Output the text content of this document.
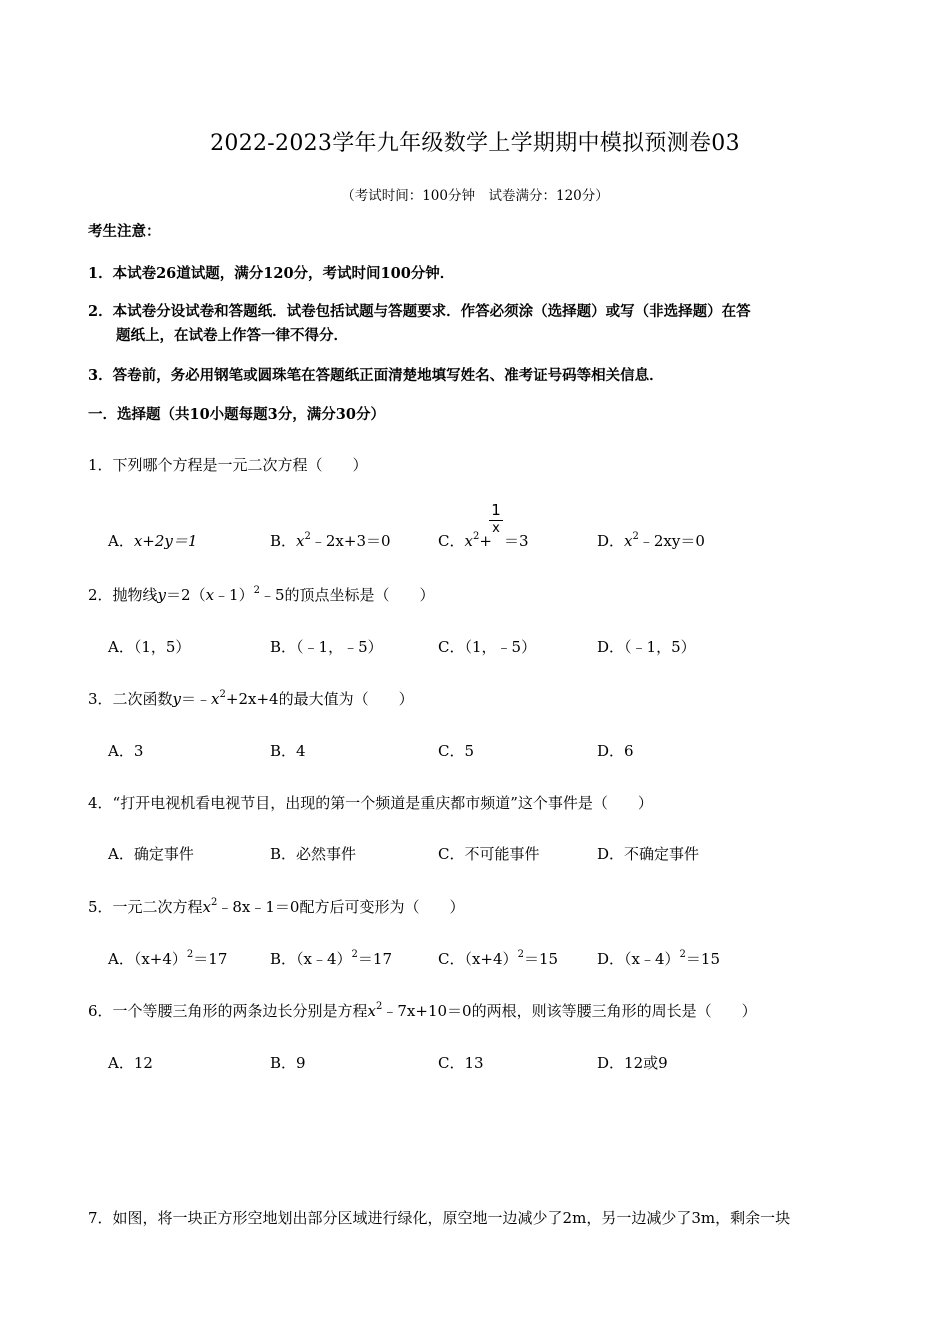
2022-2023学年九年级数学上学期期中模拟预测卷03
（考试时间：100分钟　试卷满分：120分）
考生注意：
1．本试卷26道试题，满分120分，考试时间100分钟．
2．本试卷分设试卷和答题纸．试卷包括试题与答题要求．作答必须涂（选择题）或写（非选择题）在答
题纸上，在试卷上作答一律不得分．
3．答卷前，务必用钢笔或圆珠笔在答题纸正面清楚地填写姓名、准考证号码等相关信息．
一．选择题（共10小题每题3分，满分30分）
1．下列哪个方程是一元二次方程（　　）
A．x+2y＝1	B．$x^2﹣2x+3=0$	C．$x^2+$
$\frac{1}{x}$
＝3	D．$x^2﹣2xy=0$
2．抛物线y＝2（x﹣1）$^2$﹣5的顶点坐标是（　　）
A．（1，5）	B．（﹣1，﹣5）	C．（1，﹣5）	D．（﹣1，5）
3．二次函数$y=﹣x^2+2x+4$的最大值为（　　）
A．3	B．4	C．5	D．6
4．“打开电视机看电视节目，出现的第一个频道是重庆都市频道”这个事件是（　　）
A．确定事件	B．必然事件	C．不可能事件	D．不确定事件
5．一元二次方程$x^2﹣8x﹣1=0$配方后可变形为（　　）
A．$(x+4)^2=17$	B．（x﹣4）$^2$＝17	C．$(x+4)^2=15$	D．（x﹣4）$^2$＝15
6．一个等腰三角形的两条边长分别是方程$x^2﹣7x+10=0$的两根，则该等腰三角形的周长是（　　）
A．12	B．9	C．13	D．12或9
7．如图，将一块正方形空地划出部分区域进行绿化，原空地一边减少了2m，另一边减少了3m，剩余一块
